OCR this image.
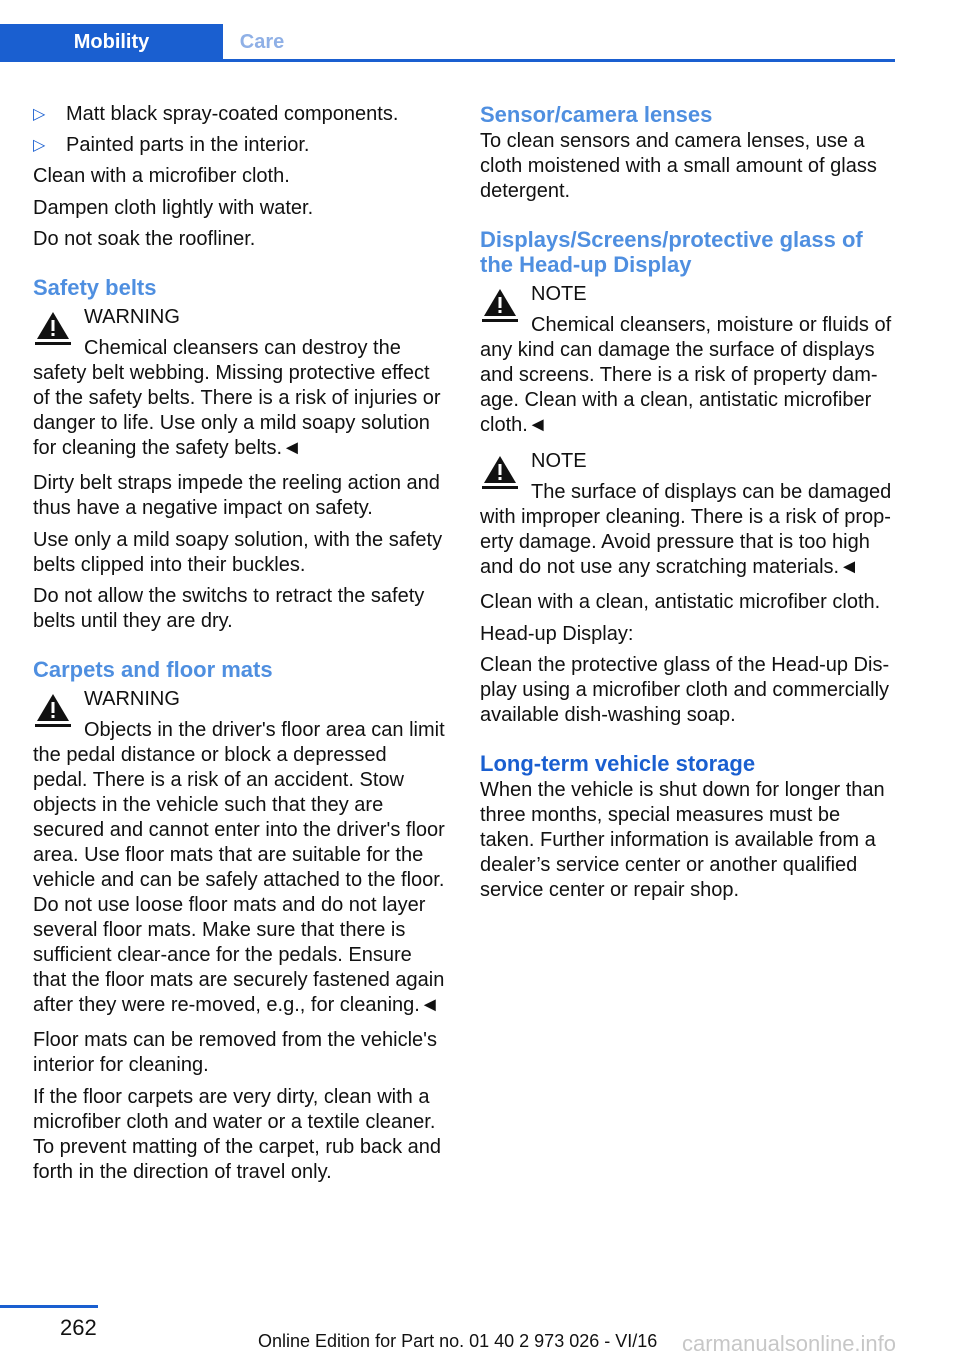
Mobility	Care
▷ Matt black spray-coated components.
▷ Painted parts in the interior.

Clean with a microfiber cloth.

Dampen cloth lightly with water.

Do not soak the roofliner.

Safety belts
WARNING
Chemical cleansers can destroy the safety belt webbing. Missing protective effect of the safety belts. There is a risk of injuries or danger to life. Use only a mild soapy solution for cleaning the safety belts.◄

Dirty belt straps impede the reeling action and thus have a negative impact on safety.

Use only a mild soapy solution, with the safety belts clipped into their buckles.

Do not allow the switchs to retract the safety belts until they are dry.

Carpets and floor mats
WARNING
Objects in the driver's floor area can limit the pedal distance or block a depressed pedal. There is a risk of an accident. Stow objects in the vehicle such that they are secured and cannot enter into the driver's floor area. Use floor mats that are suitable for the vehicle and can be safely attached to the floor. Do not use loose floor mats and do not layer several floor mats. Make sure that there is sufficient clear‐ance for the pedals. Ensure that the floor mats are securely fastened again after they were re‐moved, e.g., for cleaning.◄

Floor mats can be removed from the vehicle's interior for cleaning.

If the floor carpets are very dirty, clean with a microfiber cloth and water or a textile cleaner. To prevent matting of the carpet, rub back and forth in the direction of travel only.

Sensor/camera lenses

To clean sensors and camera lenses, use a cloth moistened with a small amount of glass detergent.

Displays/Screens/protective glass of the Head-up Display
NOTE
Chemical cleansers, moisture or fluids of any kind can damage the surface of displays and screens. There is a risk of property dam‐age. Clean with a clean, antistatic microfiber cloth.◄
NOTE
The surface of displays can be damaged with improper cleaning. There is a risk of prop‐erty damage. Avoid pressure that is too high and do not use any scratching materials.◄

Clean with a clean, antistatic microfiber cloth.

Head-up Display:

Clean the protective glass of the Head-up Dis‐play using a microfiber cloth and commercially available dish-washing soap.

Long-term vehicle storage

When the vehicle is shut down for longer than three months, special measures must be taken. Further information is available from a dealer’s service center or another qualified service center or repair shop.

262
Online Edition for Part no. 01 40 2 973 026 - VI/16 carmanualsonline.info
